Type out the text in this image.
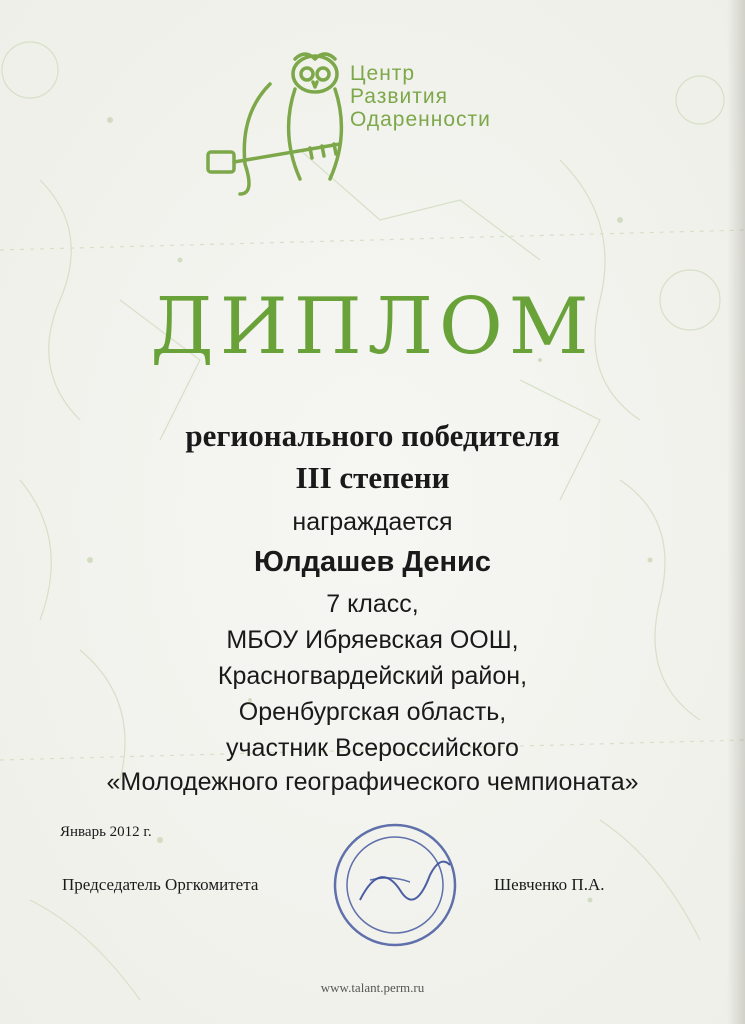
Центр
Развития
Одаренности
ДИПЛОМ
регионального победителя
III степени
награждается
Юлдашев Денис
7 класс,
МБОУ Ибряевская ООШ,
Красногвардейский район,
Оренбургская область,
участник Всероссийского
«Молодежного географического чемпионата»
Январь 2012 г.
Председатель Оргкомитета	Шевченко П.А.
www.talant.perm.ru
